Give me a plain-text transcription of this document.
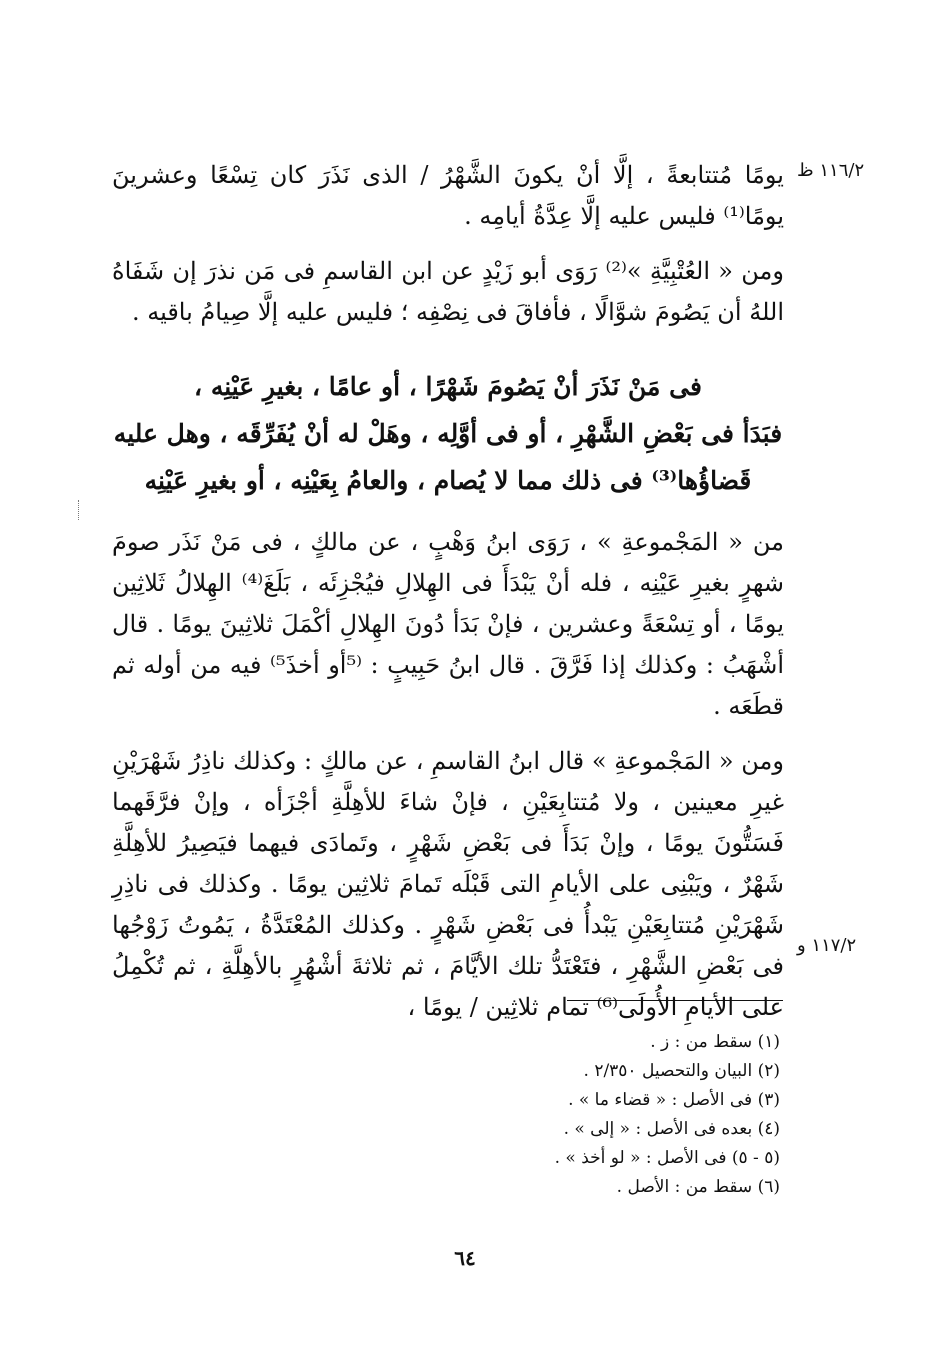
١١٦/٢ ظ

يومًا مُتتابعةً ، إلَّا أنْ يكونَ الشَّهْرُ / الذى نَذَرَ كان تِسْعًا وعشرينَ يومًا⁽¹⁾ فليس عليه إلَّا عِدَّةُ أيامِه .

ومن « العُتْبِيَّةِ »⁽²⁾ رَوَى أبو زَيْدٍ عن ابن القاسمِ فى مَن نذرَ إن شَفَاهُ اللهُ أن يَصُومَ شوَّالًا ، فأفاقَ فى نِصْفِه ؛ فليس عليه إلَّا صِيامُ باقيه .

فى مَنْ نَذَرَ أنْ يَصُومَ شَهْرًا ، أو عامًا ، بغيرِ عَيْنِه ،

فبَدَأ فى بَعْضِ الشَّهْرِ ، أو فى أوَّلِه ، وهَلْ له أنْ يُفَرِّقَه ، وهل عليه

قَضاؤُها⁽³⁾ فى ذلك مما لا يُصام ، والعامُ بِعَيْنِه ، أو بغيرِ عَيْنِه

من « المَجْموعةِ » ، رَوَى ابنُ وَهْبٍ ، عن مالكٍ ، فى مَنْ نَذَر صومَ شهرٍ بغيرِ عَيْنِه ، فله أنْ يَبْدَأَ فى الهِلالِ فيُجْزِئَه ، بَلَغَ⁽⁴⁾ الهِلالُ ثَلاثِين يومًا ، أو تِسْعَةً وعشرين ، فإنْ بَدَأ دُونَ الهِلالِ أكْمَلَ ثلاثِينَ يومًا . قال أشْهَبُ : وكذلك إذا فَرَّقَ . قال ابنُ حَبِيبٍ : ⁽⁵أو أخذَ⁵⁾ فيه من أوله ثم قطَعَه .

ومن « المَجْموعةِ » قال ابنُ القاسمِ ، عن مالكٍ : وكذلك ناذِرُ شَهْرَيْنِ غيرِ معينين ، ولا مُتتابِعَيْنِ ، فإنْ شاءَ للأهِلَّةِ أجْزَأه ، وإنْ فرَّقَهما فَسَتُّونَ يومًا ، وإنْ بَدَأَ فى بَعْضِ شَهْرٍ ، وتَمادَى فيهما فيَصِيرُ للأهِلَّةِ شَهْرٌ ، ويَبْنِى على الأيامِ التى قَبْلَه تَمامَ ثلاثِين يومًا . وكذلك فى ناذِرِ شَهْرَيْنِ مُتتابِعَيْنِ يَبْدأُ فى بَعْضِ شَهْرٍ . وكذلك المُعْتَدَّةُ ، يَمُوتُ زَوْجُها فى بَعْضِ الشَّهْرِ ، فتَعْتَدُّ تلك الأيَّامَ ، ثم ثلاثةَ أشْهُرٍ بالأهِلَّةِ ، ثم تُكْمِلُ على الأيامِ الأُولَى⁽⁶⁾ تمام ثلاثِين / يومًا ،

١١٧/٢ و

(١) سقط من : ز .

(٢) البيان والتحصيل ٢/٣٥٠ .

(٣) فى الأصل : « قضاء ما » .

(٤) بعده فى الأصل : « إلى » .

(٥ - ٥) فى الأصل : « لو أخذ » .

(٦) سقط من : الأصل .

٦٤
